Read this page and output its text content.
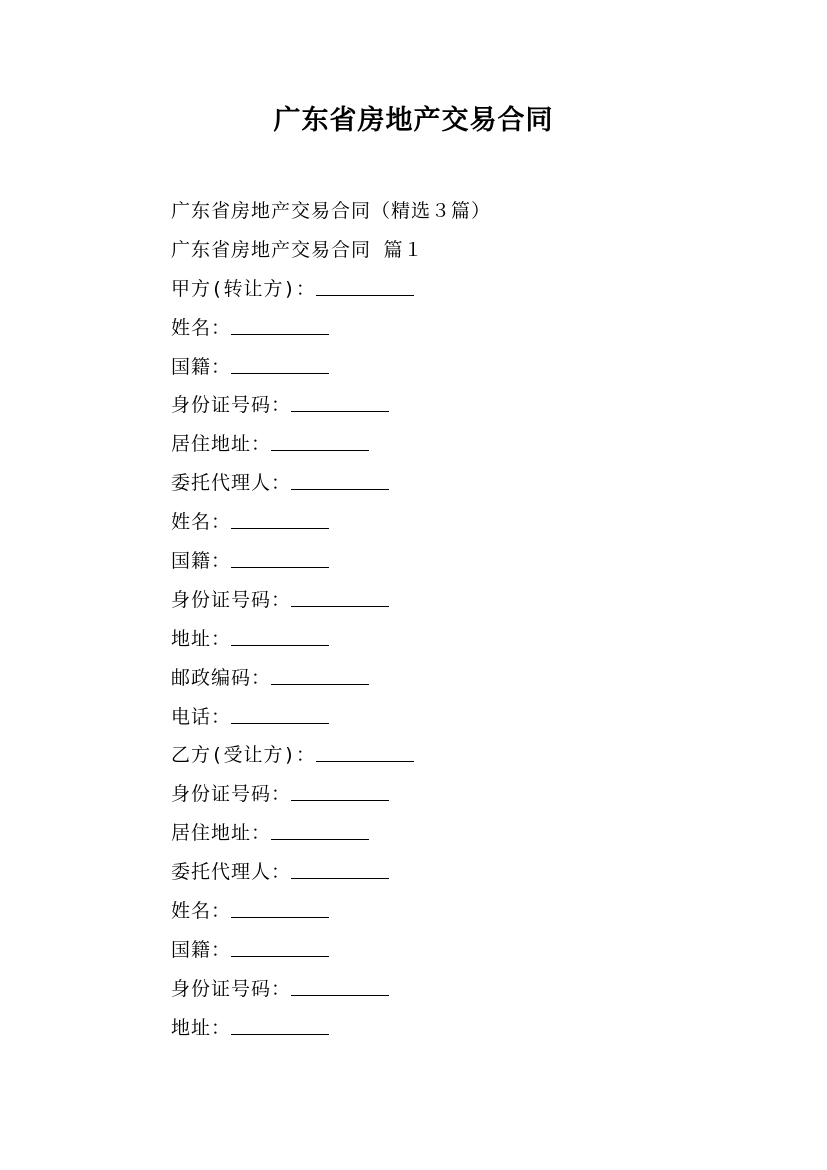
广东省房地产交易合同
广东省房地产交易合同（精选３篇）
广东省房地产交易合同 篇１
甲方(转让方)：
姓名：
国籍：
身份证号码：
居住地址：
委托代理人：
姓名：
国籍：
身份证号码：
地址：
邮政编码：
电话：
乙方(受让方)：
身份证号码：
居住地址：
委托代理人：
姓名：
国籍：
身份证号码：
地址：
